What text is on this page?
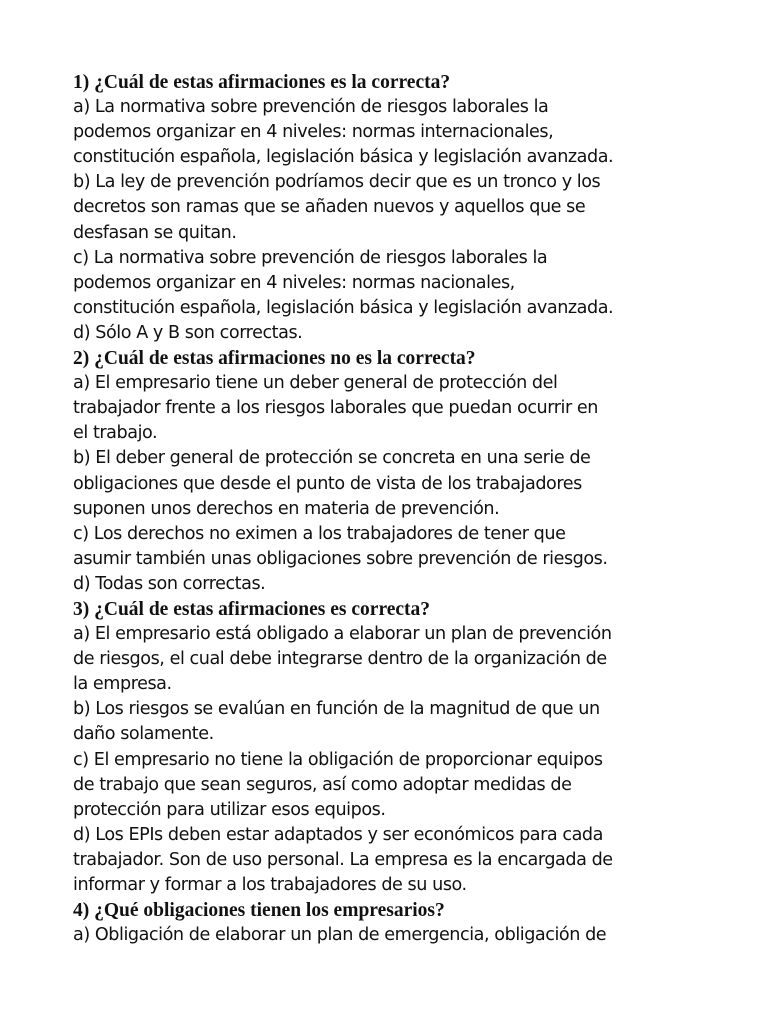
1) ¿Cuál de estas afirmaciones es la correcta?

a) La normativa sobre prevención de riesgos laborales la
podemos organizar en 4 niveles: normas internacionales,
constitución española, legislación básica y legislación avanzada.

b) La ley de prevención podríamos decir que es un tronco y los
decretos son ramas que se añaden nuevos y aquellos que se
desfasan se quitan.

c) La normativa sobre prevención de riesgos laborales la
podemos organizar en 4 niveles: normas nacionales,
constitución española, legislación básica y legislación avanzada.

d) Sólo A y B son correctas.

2) ¿Cuál de estas afirmaciones no es la correcta?

a) El empresario tiene un deber general de protección del
trabajador frente a los riesgos laborales que puedan ocurrir en
el trabajo.

b) El deber general de protección se concreta en una serie de
obligaciones que desde el punto de vista de los trabajadores
suponen unos derechos en materia de prevención.

c) Los derechos no eximen a los trabajadores de tener que
asumir también unas obligaciones sobre prevención de riesgos.

d) Todas son correctas.

3) ¿Cuál de estas afirmaciones es correcta?

a) El empresario está obligado a elaborar un plan de prevención
de riesgos, el cual debe integrarse dentro de la organización de
la empresa.

b) Los riesgos se evalúan en función de la magnitud de que un
daño solamente.

c) El empresario no tiene la obligación de proporcionar equipos
de trabajo que sean seguros, así como adoptar medidas de
protección para utilizar esos equipos.

d) Los EPIs deben estar adaptados y ser económicos para cada
trabajador. Son de uso personal. La empresa es la encargada de
informar y formar a los trabajadores de su uso.

4) ¿Qué obligaciones tienen los empresarios?

a) Obligación de elaborar un plan de emergencia, obligación de
